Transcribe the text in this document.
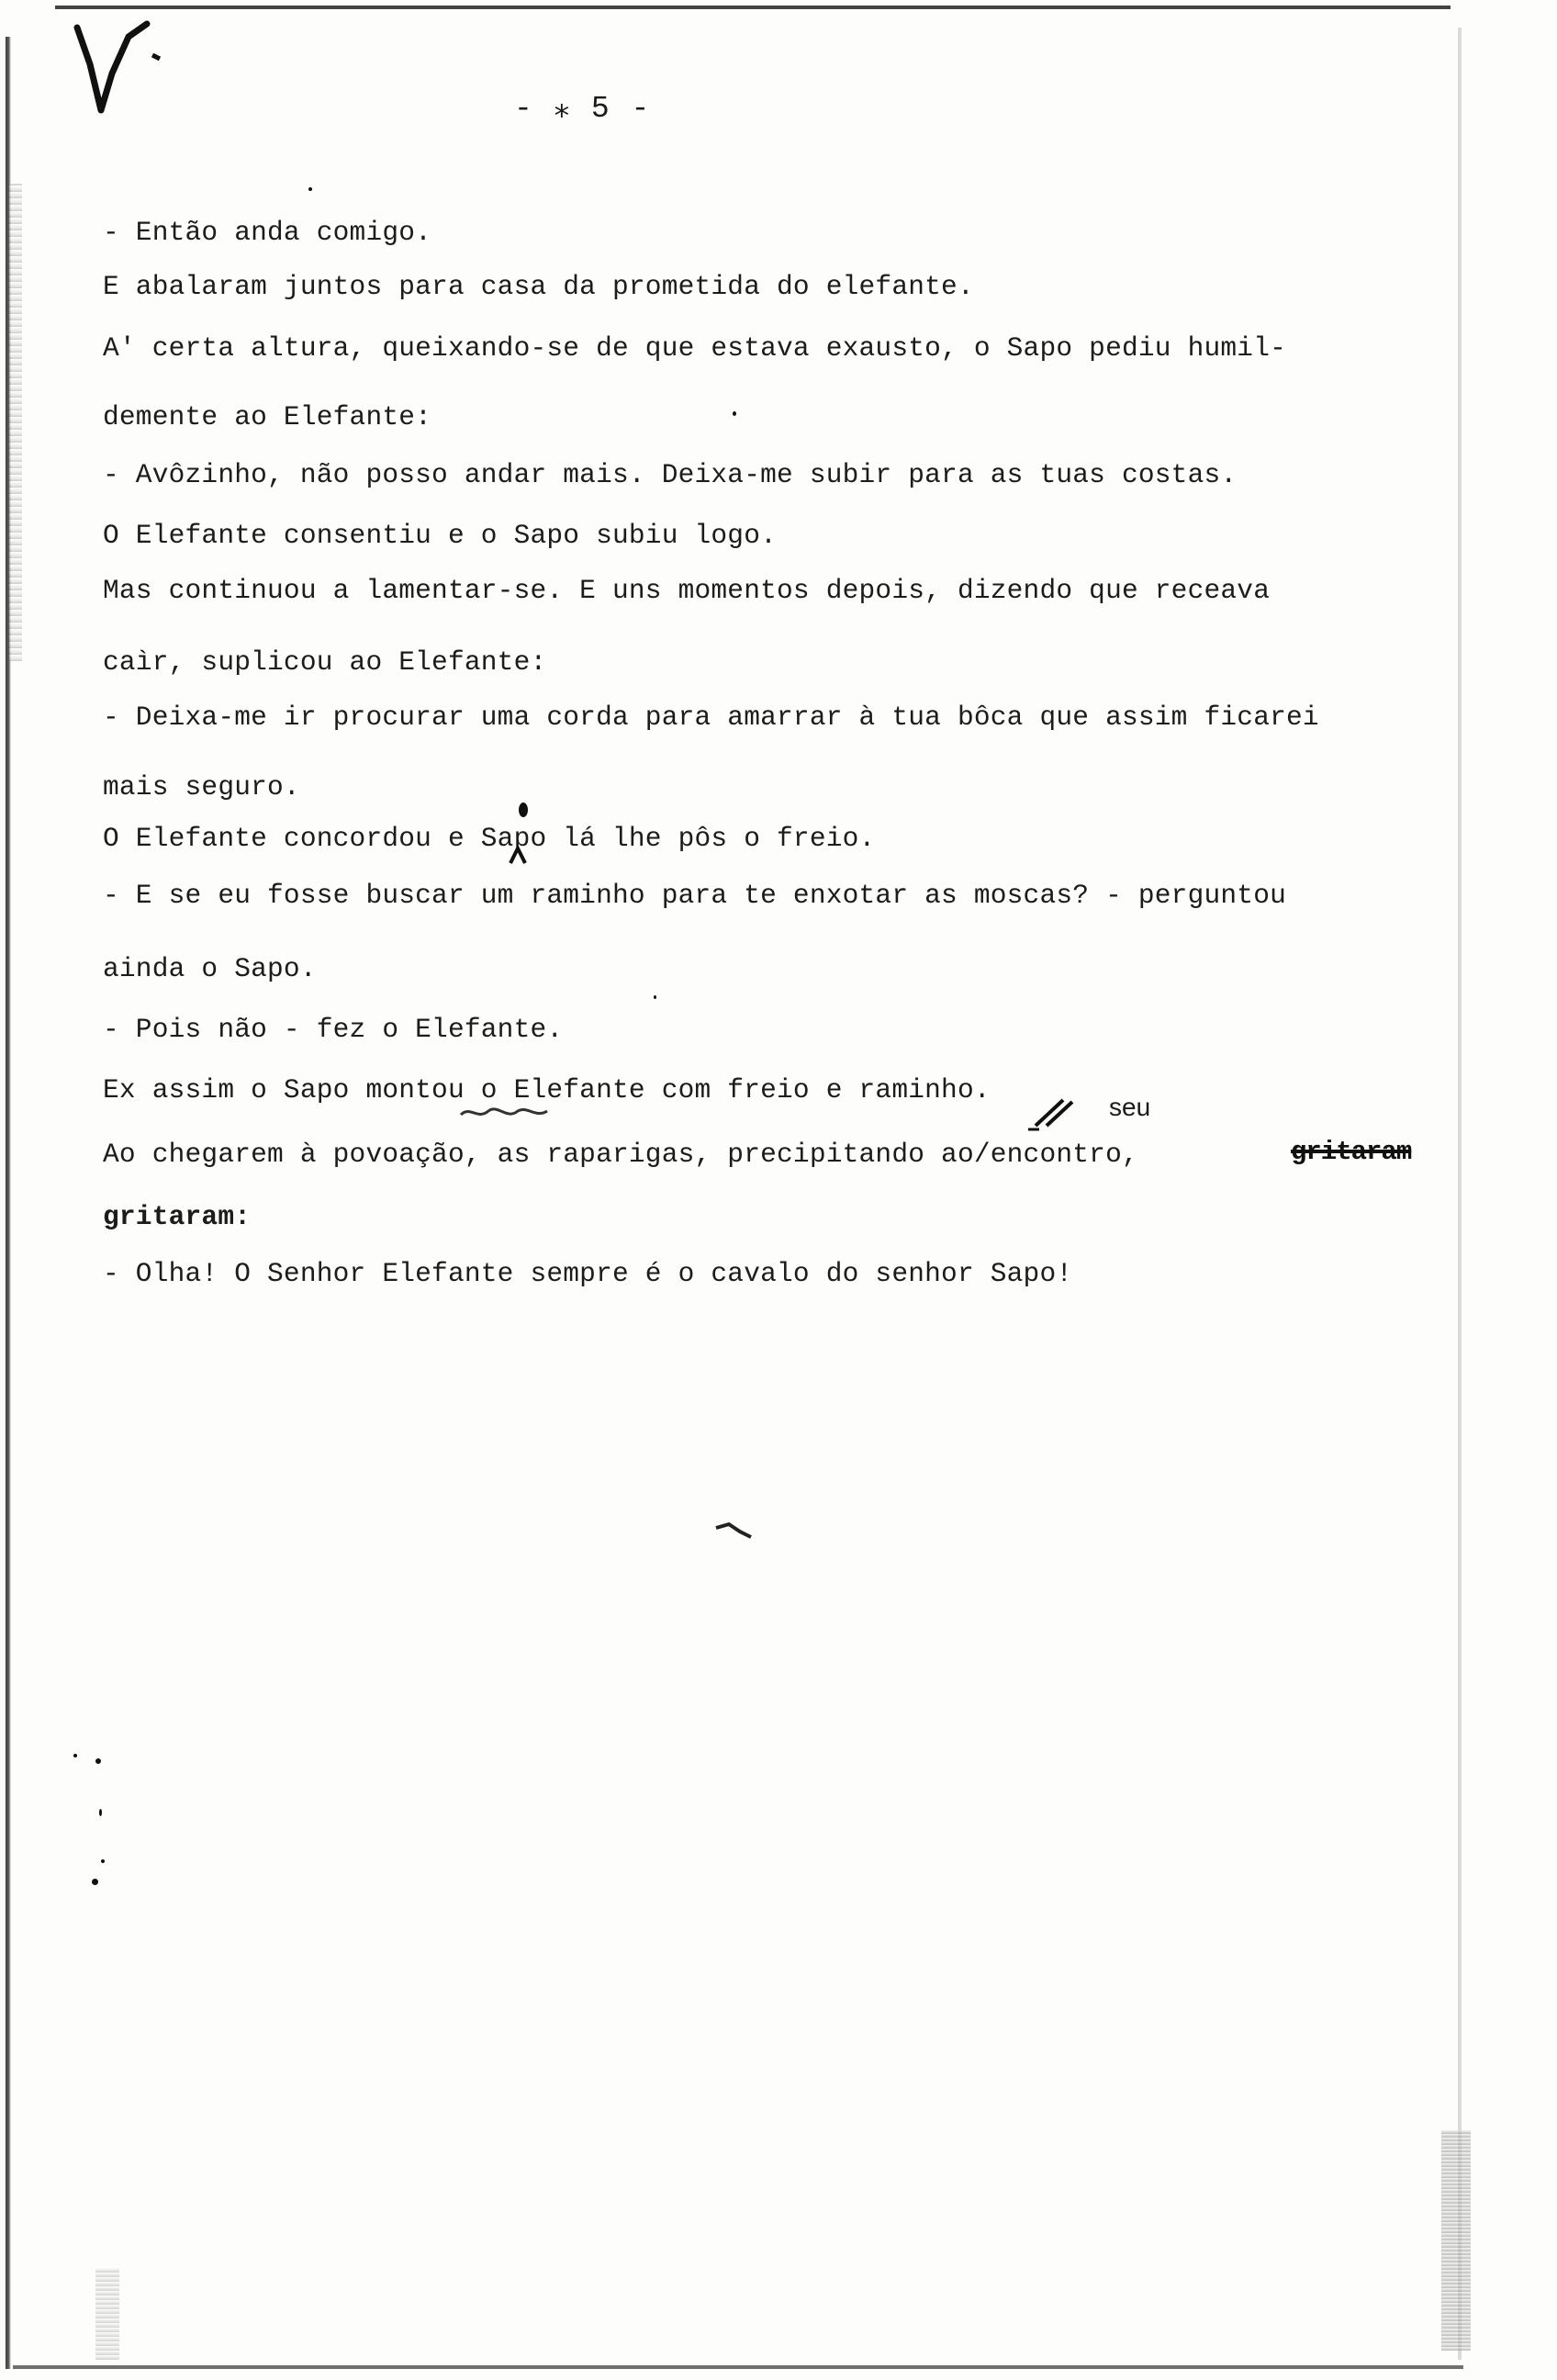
- ⁎ 5 -
- Então anda comigo.
E abalaram juntos para casa da prometida do elefante.
A' certa altura, queixando-se de que estava exausto, o Sapo pediu humil-
demente ao Elefante:
- Avôzinho, não posso andar mais. Deixa-me subir para as tuas costas.
O Elefante consentiu e o Sapo subiu logo.
Mas continuou a lamentar-se. E uns momentos depois, dizendo que receava
caìr, suplicou ao Elefante:
- Deixa-me ir procurar uma corda para amarrar à tua bôca que assim ficarei
mais seguro.
O Elefante concordou e Sapo lá lhe pôs o freio.
- E se eu fosse buscar um raminho para te enxotar as moscas? - perguntou
ainda o Sapo.
- Pois não - fez o Elefante.
Ex assim o Sapo montou o Elefante com freio e raminho.
Ao chegarem à povoação, as raparigas, precipitando ao/encontro,
gritaram:
- Olha! O Senhor Elefante sempre é o cavalo do senhor Sapo!
seu
gritaram
